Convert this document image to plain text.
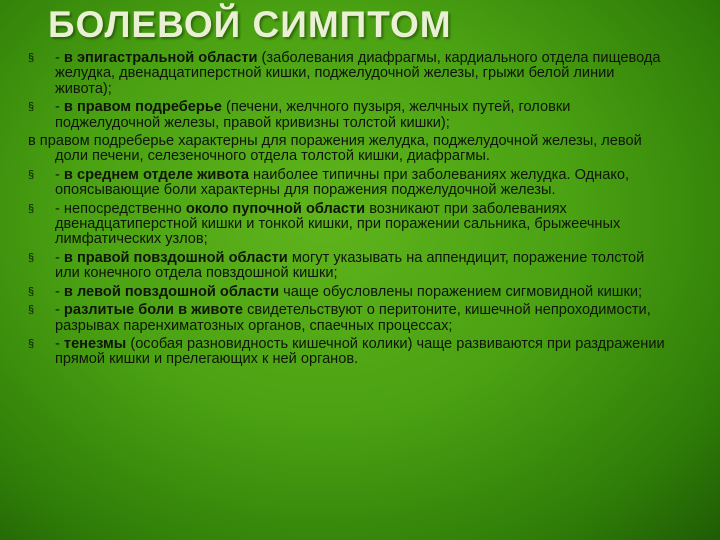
БОЛЕВОЙ СИМПТОМ
§ - в эпигастральной области (заболевания диафрагмы, кардиального отдела пищевода желудка, двенадцатиперстной кишки, поджелудочной железы, грыжи белой линии живота);
§ - в правом подреберье (печени, желчного пузыря, желчных путей, головки поджелудочной железы, правой кривизны толстой кишки);
в правом подреберье характерны для поражения желудка, поджелудочной железы, левой доли печени, селезеночного отдела толстой кишки, диафрагмы.
§ - в среднем отделе живота наиболее типичны при заболеваниях желудка. Однако, опоясывающие боли характерны для поражения поджелудочной железы.
§ - непосредственно около пупочной области возникают при заболеваниях двенадцатиперстной кишки и тонкой кишки, при поражении сальника, брыжеечных лимфатических узлов;
§ - в правой повздошной области могут указывать на аппендицит, поражение толстой или конечного отдела повздошной кишки;
§ - в левой повздошной области чаще обусловлены поражением сигмовидной кишки;
§ - разлитые боли в животе свидетельствуют о перитоните, кишечной непроходимости, разрывах паренхиматозных органов, спаечных процессах;
§ - тенезмы (особая разновидность кишечной колики) чаще развиваются при раздражении прямой кишки и прелегающих к ней органов.
